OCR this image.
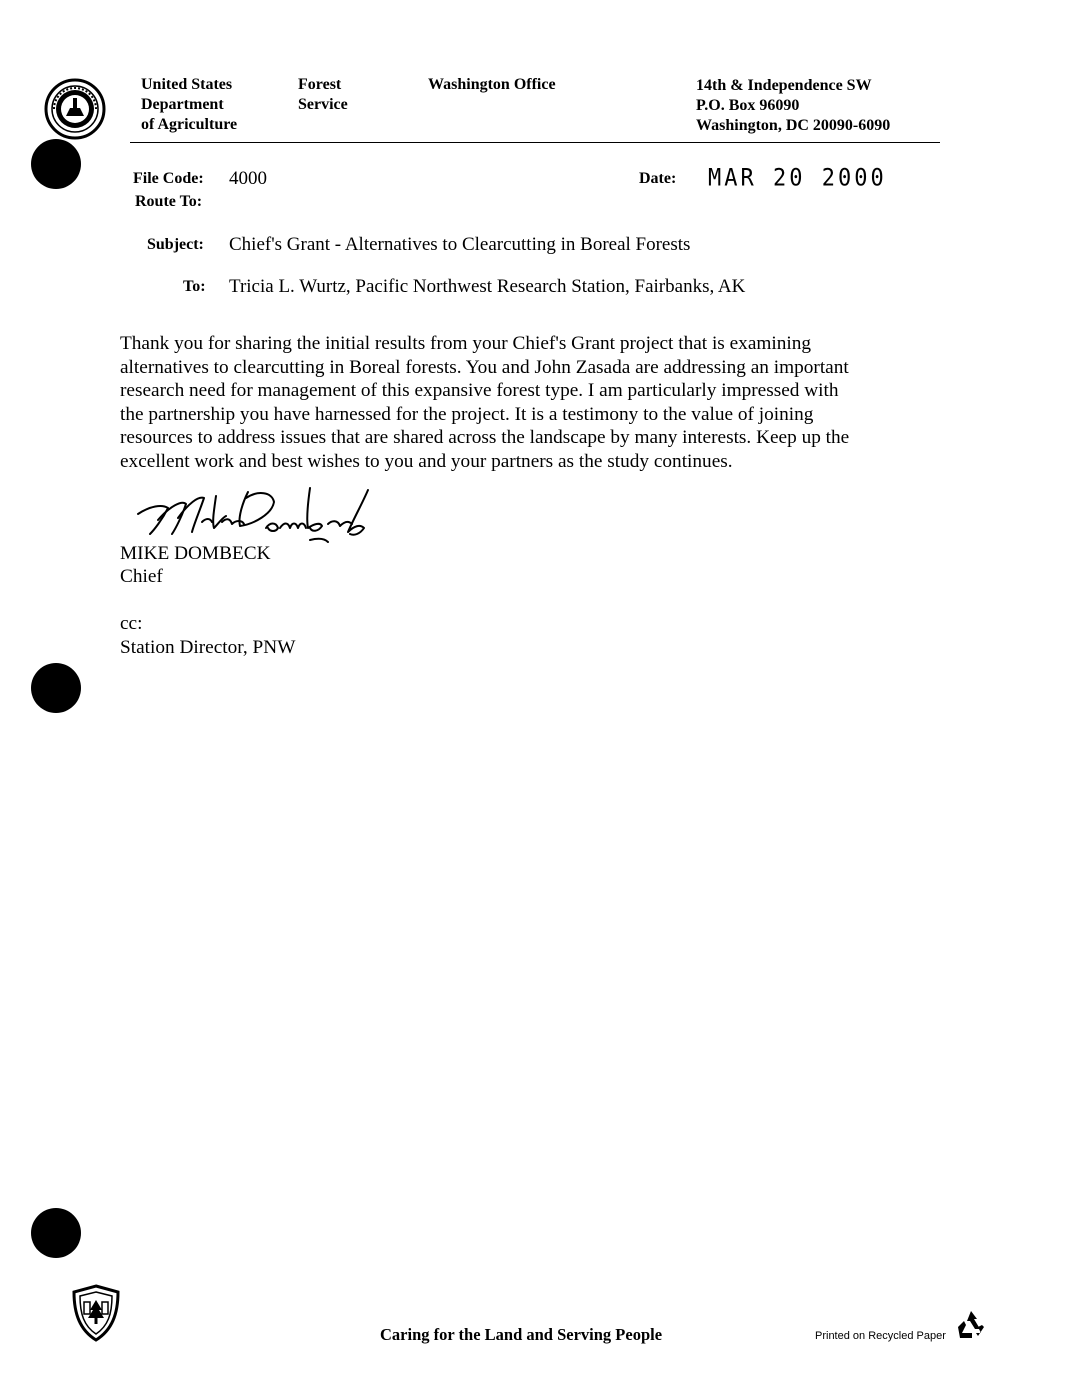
United States
Department
of Agriculture
Forest
Service
Washington Office	14th & Independence SW
P.O. Box 96090
Washington, DC 20090-6090
File Code: 4000
Route To:
Date: MAR 20 2000
Subject: Chief's Grant - Alternatives to Clearcutting in Boreal Forests
To: Tricia L. Wurtz, Pacific Northwest Research Station, Fairbanks, AK
Thank you for sharing the initial results from your Chief's Grant project that is examining
alternatives to clearcutting in Boreal forests. You and John Zasada are addressing an important
research need for management of this expansive forest type. I am particularly impressed with
the partnership you have harnessed for the project. It is a testimony to the value of joining
resources to address issues that are shared across the landscape by many interests. Keep up the
excellent work and best wishes to you and your partners as the study continues.
MIKE DOMBECK
Chief
cc:
Station Director, PNW
Caring for the Land and Serving People	Printed on Recycled Paper
